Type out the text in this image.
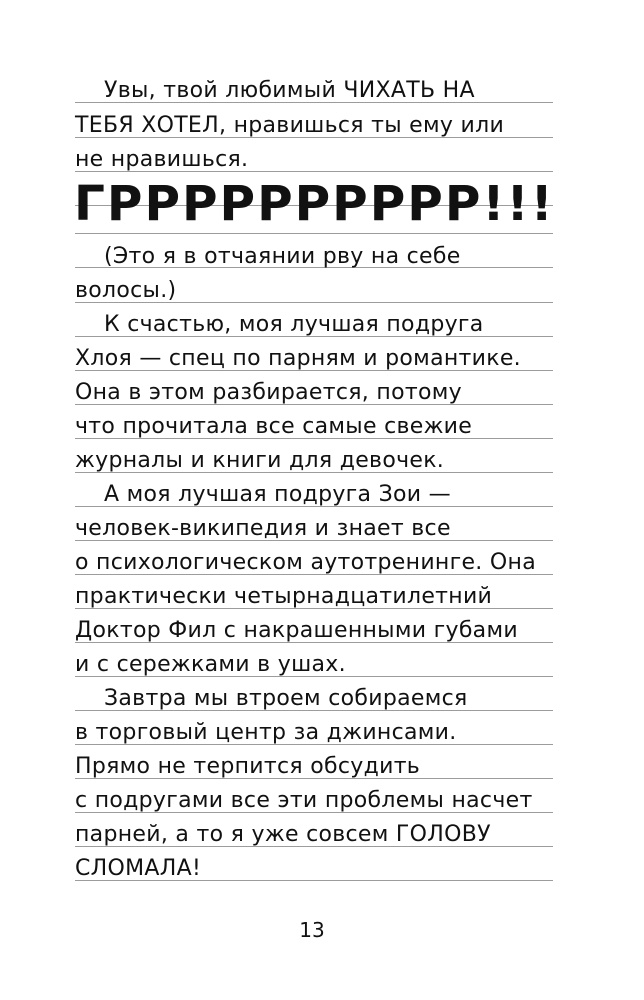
Увы, твой любимый ЧИХАТЬ НА
ТЕБЯ ХОТЕЛ, нравишься ты ему или
не нравишься.
ГРРРРРРРРРР!!!
(Это я в отчаянии рву на себе
волосы.)
К счастью, моя лучшая подруга
Хлоя — спец по парням и романтике.
Она в этом разбирается, потому
что прочитала все самые свежие
журналы и книги для девочек.
А моя лучшая подруга Зои —
человек-википедия и знает все
о психологическом аутотренинге. Она
практически четырнадцатилетний
Доктор Фил с накрашенными губами
и с сережками в ушах.
Завтра мы втроем собираемся
в торговый центр за джинсами.
Прямо не терпится обсудить
с подругами все эти проблемы насчет
парней, а то я уже совсем ГОЛОВУ
СЛОМАЛА!
13
